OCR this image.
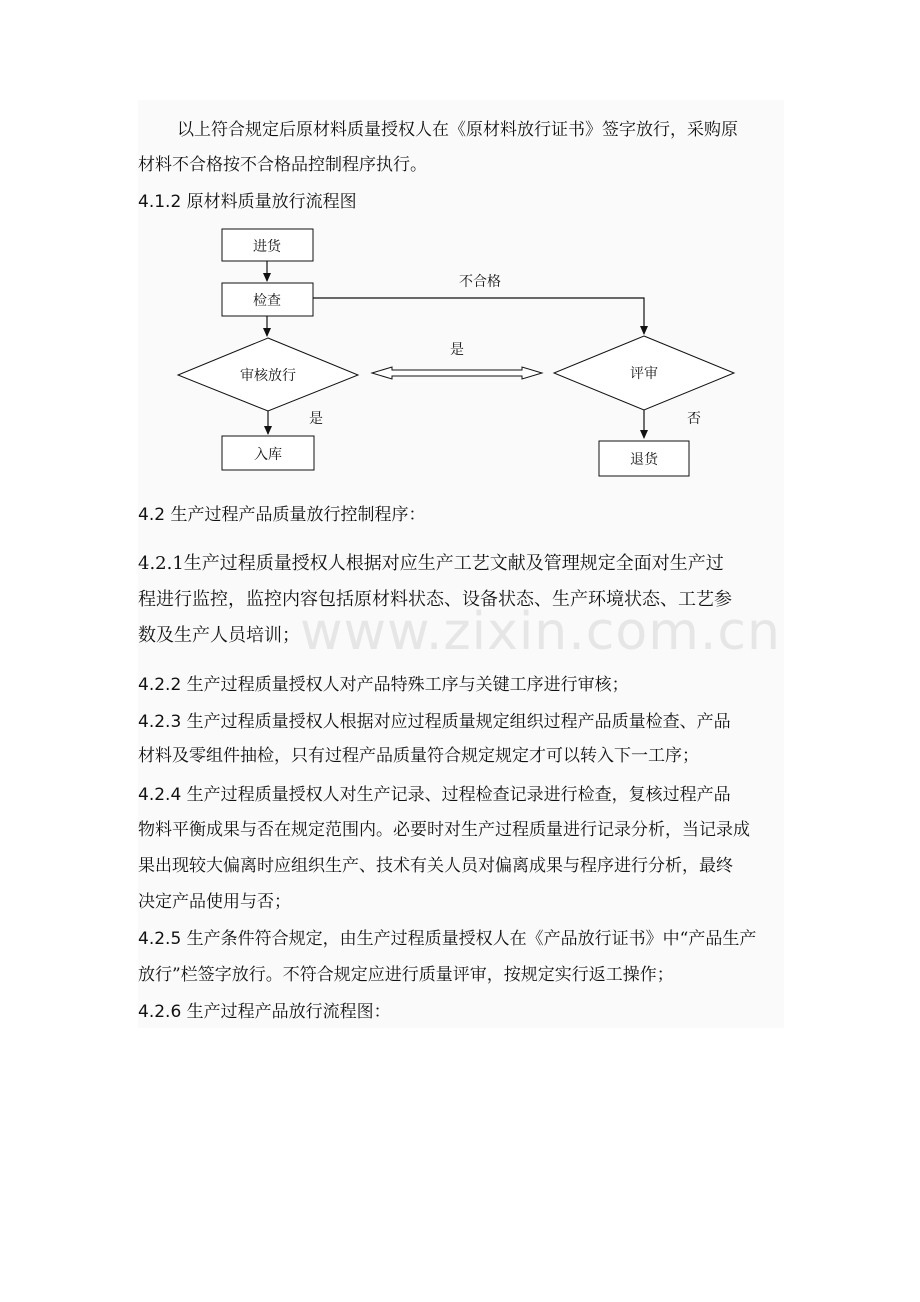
www.zixin.com.cn
以上符合规定后原材料质量授权人在《原材料放行证书》签字放行，采购原
材料不合格按不合格品控制程序执行。
4.1.2 原材料质量放行流程图
进货
检查
不合格
审核放行
是
评审
是
入库
否
退货
4.2 生产过程产品质量放行控制程序：
4.2.1生产过程质量授权人根据对应生产工艺文献及管理规定全面对生产过
程进行监控，监控内容包括原材料状态、设备状态、生产环境状态、工艺参
数及生产人员培训；
4.2.2 生产过程质量授权人对产品特殊工序与关键工序进行审核；
4.2.3 生产过程质量授权人根据对应过程质量规定组织过程产品质量检查、产品
材料及零组件抽检，只有过程产品质量符合规定规定才可以转入下一工序；
4.2.4 生产过程质量授权人对生产记录、过程检查记录进行检查，复核过程产品
物料平衡成果与否在规定范围内。必要时对生产过程质量进行记录分析，当记录成
果出现较大偏离时应组织生产、技术有关人员对偏离成果与程序进行分析，最终
决定产品使用与否；
4.2.5 生产条件符合规定，由生产过程质量授权人在《产品放行证书》中“产品生产
放行”栏签字放行。不符合规定应进行质量评审，按规定实行返工操作；
4.2.6 生产过程产品放行流程图：
